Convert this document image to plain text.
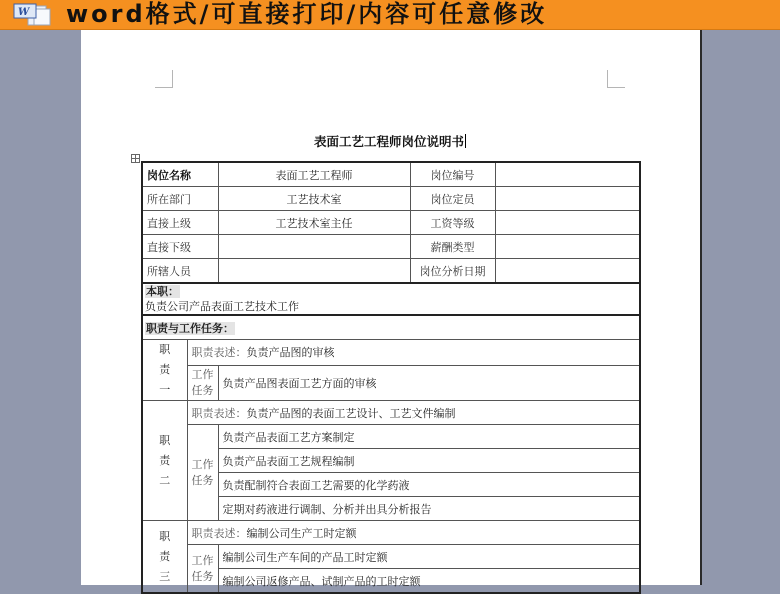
W word格式/可直接打印/内容可任意修改
表面工艺工程师岗位说明书
岗位名称		表面工艺工程师	岗位编号	
所在部门		工艺技术室	岗位定员	
直接上级		工艺技术室主任	工资等级	
直接下级			薪酬类型	
所辖人员			岗位分析日期	

本职：
负责公司产品表面工艺技术工作				

职责与工作任务：				

职
责
一	职责表述：负责产品图的审核			

	工作
任务	负责产品图表面工艺方面的审核		

职
责
二	职责表述：负责产品图的表面工艺设计、工艺文件编制			

	工作
任务	负责产品表面工艺方案制定		
		负责产品表面工艺规程编制		
		负责配制符合表面工艺需要的化学药液		
		定期对药液进行调制、分析并出具分析报告		

职
责
三	职责表述：编制公司生产工时定额			

	工作
任务	编制公司生产车间的产品工时定额		
		编制公司返修产品、试制产品的工时定额		
